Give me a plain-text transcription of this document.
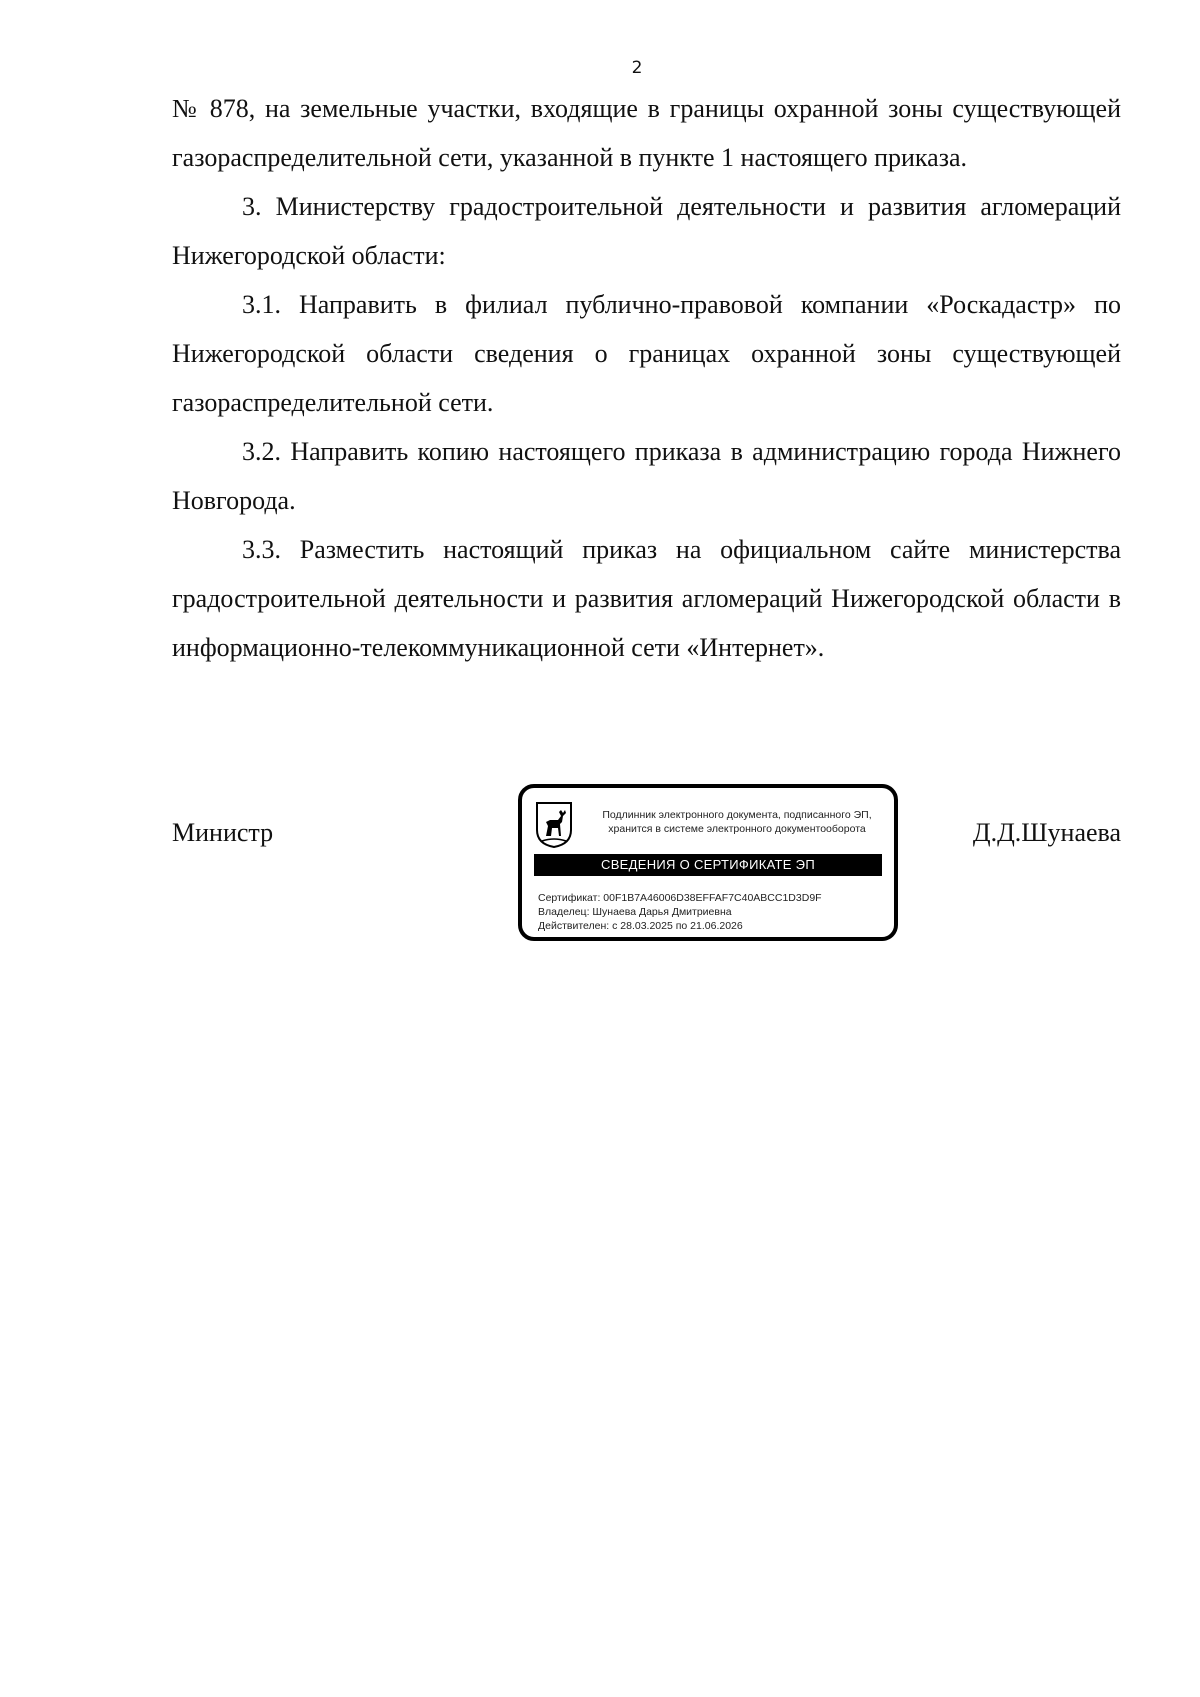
2

№ 878, на земельные участки, входящие в границы охранной зоны существующей газораспределительной сети, указанной в пункте 1 настоящего приказа.

3. Министерству градостроительной деятельности и развития агломераций Нижегородской области:

3.1. Направить в филиал публично-правовой компании «Роскадастр» по Нижегородской области сведения о границах охранной зоны существующей газораспределительной сети.

3.2. Направить копию настоящего приказа в администрацию города Нижнего Новгорода.

3.3. Разместить настоящий приказ на официальном сайте министерства градостроительной деятельности и развития агломераций Нижегородской области в информационно-телекоммуникационной сети «Интернет».

Министр
Подлинник электронного документа, подписанного ЭП,
хранится в системе электронного документооборота
СВЕДЕНИЯ О СЕРТИФИКАТЕ ЭП
Сертификат: 00F1B7A46006D38EFFAF7C40ABCC1D3D9F
Владелец: Шунаева Дарья Дмитриевна
Действителен: с 28.03.2025 по 21.06.2026
Д.Д.Шунаева
